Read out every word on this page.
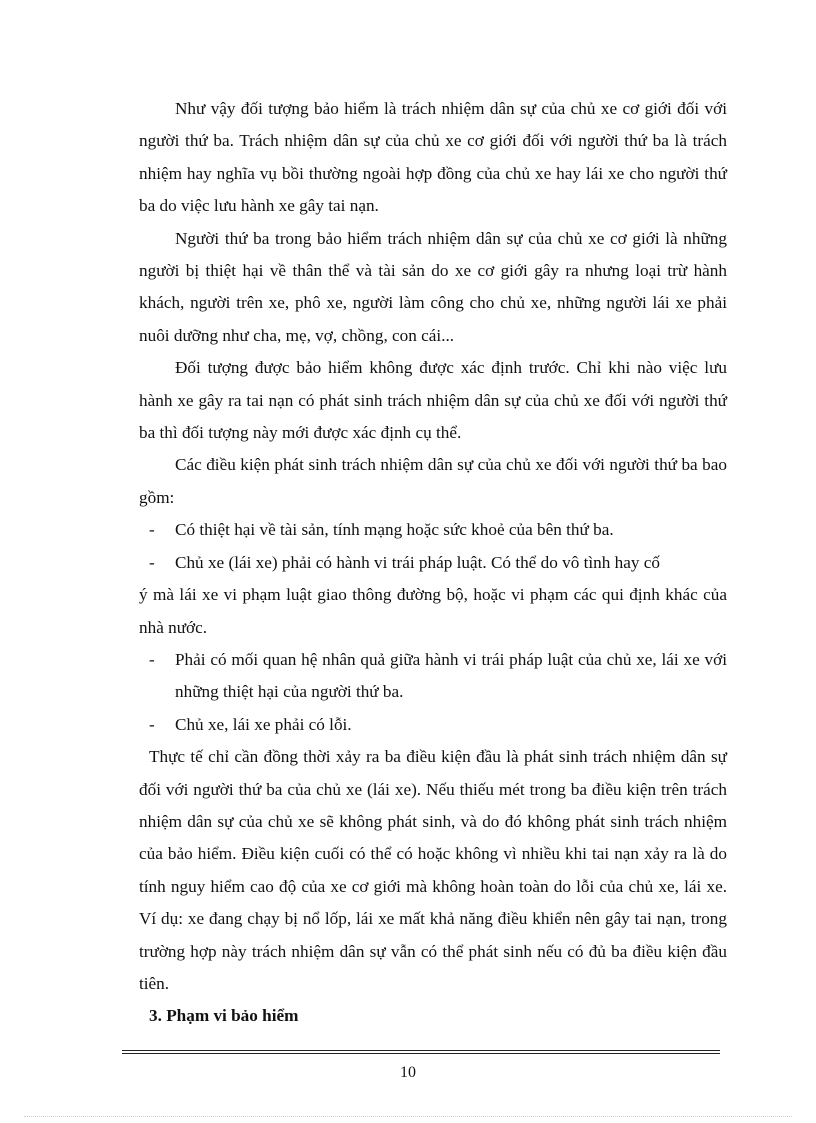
Như vậy đối tượng bảo hiểm là trách nhiệm dân sự của chủ xe cơ giới đối với người thứ ba. Trách nhiệm dân sự của chủ xe cơ giới đối với người thứ ba là trách nhiệm hay nghĩa vụ bồi thường ngoài hợp đồng của chủ xe hay lái xe cho người thứ ba do việc lưu hành xe gây tai nạn.

Người thứ ba trong bảo hiểm trách nhiệm dân sự của chủ xe cơ giới là những người bị thiệt hại về thân thể và tài sản do xe cơ giới gây ra nhưng loại trừ hành khách, người trên xe, phô xe, người làm công cho chủ xe, những người lái xe phải nuôi dưỡng như cha, mẹ, vợ, chồng, con cái...

Đối tượng được bảo hiểm không được xác định trước. Chỉ khi nào việc lưu hành xe gây ra tai nạn có phát sinh trách nhiệm dân sự của chủ xe đối với người thứ ba thì đối tượng này mới được xác định cụ thể.

Các điều kiện phát sinh trách nhiệm dân sự của chủ xe đối với người thứ ba bao gồm:

-	Có thiệt hại về tài sản, tính mạng hoặc sức khoẻ của bên thứ ba.
-	Chủ xe (lái xe) phải có hành vi trái pháp luật. Có thể do vô tình hay cố

ý mà lái xe vi phạm luật giao thông đường bộ, hoặc vi phạm các qui định khác của nhà nước.

-	Phải có mối quan hệ nhân quả giữa hành vi trái pháp luật của chủ xe, lái xe với những thiệt hại của người thứ ba.
-	Chủ xe, lái xe phải có lỗi.

Thực tế chỉ cần đồng thời xảy ra ba điều kiện đầu là phát sinh trách nhiệm dân sự đối với người thứ ba của chủ xe (lái xe). Nếu thiếu mét trong ba điều kiện trên trách nhiệm dân sự của chủ xe sẽ không phát sinh, và do đó không phát sinh trách nhiệm của bảo hiểm. Điều kiện cuối có thể có hoặc không vì nhiều khi tai nạn xảy ra là do tính nguy hiểm cao độ của xe cơ giới mà không hoàn toàn do lỗi của chủ xe, lái xe. Ví dụ: xe đang chạy bị nổ lốp, lái xe mất khả năng điều khiển nên gây tai nạn, trong trường hợp này trách nhiệm dân sự vẫn có thể phát sinh nếu có đủ ba điều kiện đầu tiên.

3. Phạm vi bảo hiểm

10
